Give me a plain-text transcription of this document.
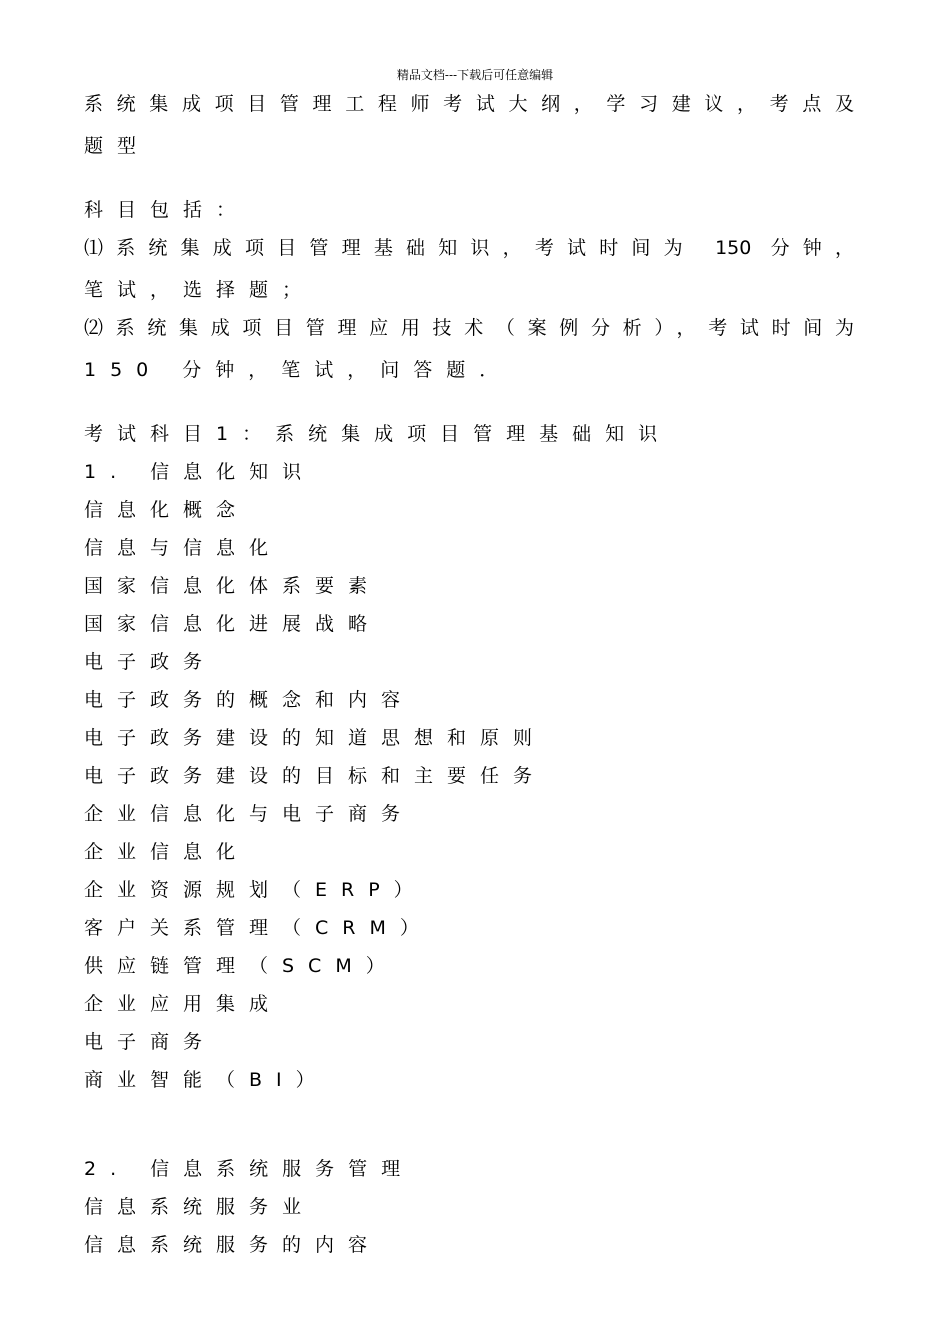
精品文档---下载后可任意编辑
系统集成项目管理工程师考试大纲，学习建议，考点及
题型
科目包括：
⑴系统集成项目管理基础知识，考试时间为 150 分钟，
笔试，选择题；
⑵系统集成项目管理应用技术（案例分析），考试时间为
150 分钟，笔试，问答题．
考试科目1：系统集成项目管理基础知识
1. 信息化知识
信息化概念
信息与信息化
国家信息化体系要素
国家信息化进展战略
电子政务
电子政务的概念和内容
电子政务建设的知道思想和原则
电子政务建设的目标和主要任务
企业信息化与电子商务
企业信息化
企业资源规划（ERP）
客户关系管理（CRM）
供应链管理（SCM）
企业应用集成
电子商务
商业智能（BI）
2. 信息系统服务管理
信息系统服务业
信息系统服务的内容
